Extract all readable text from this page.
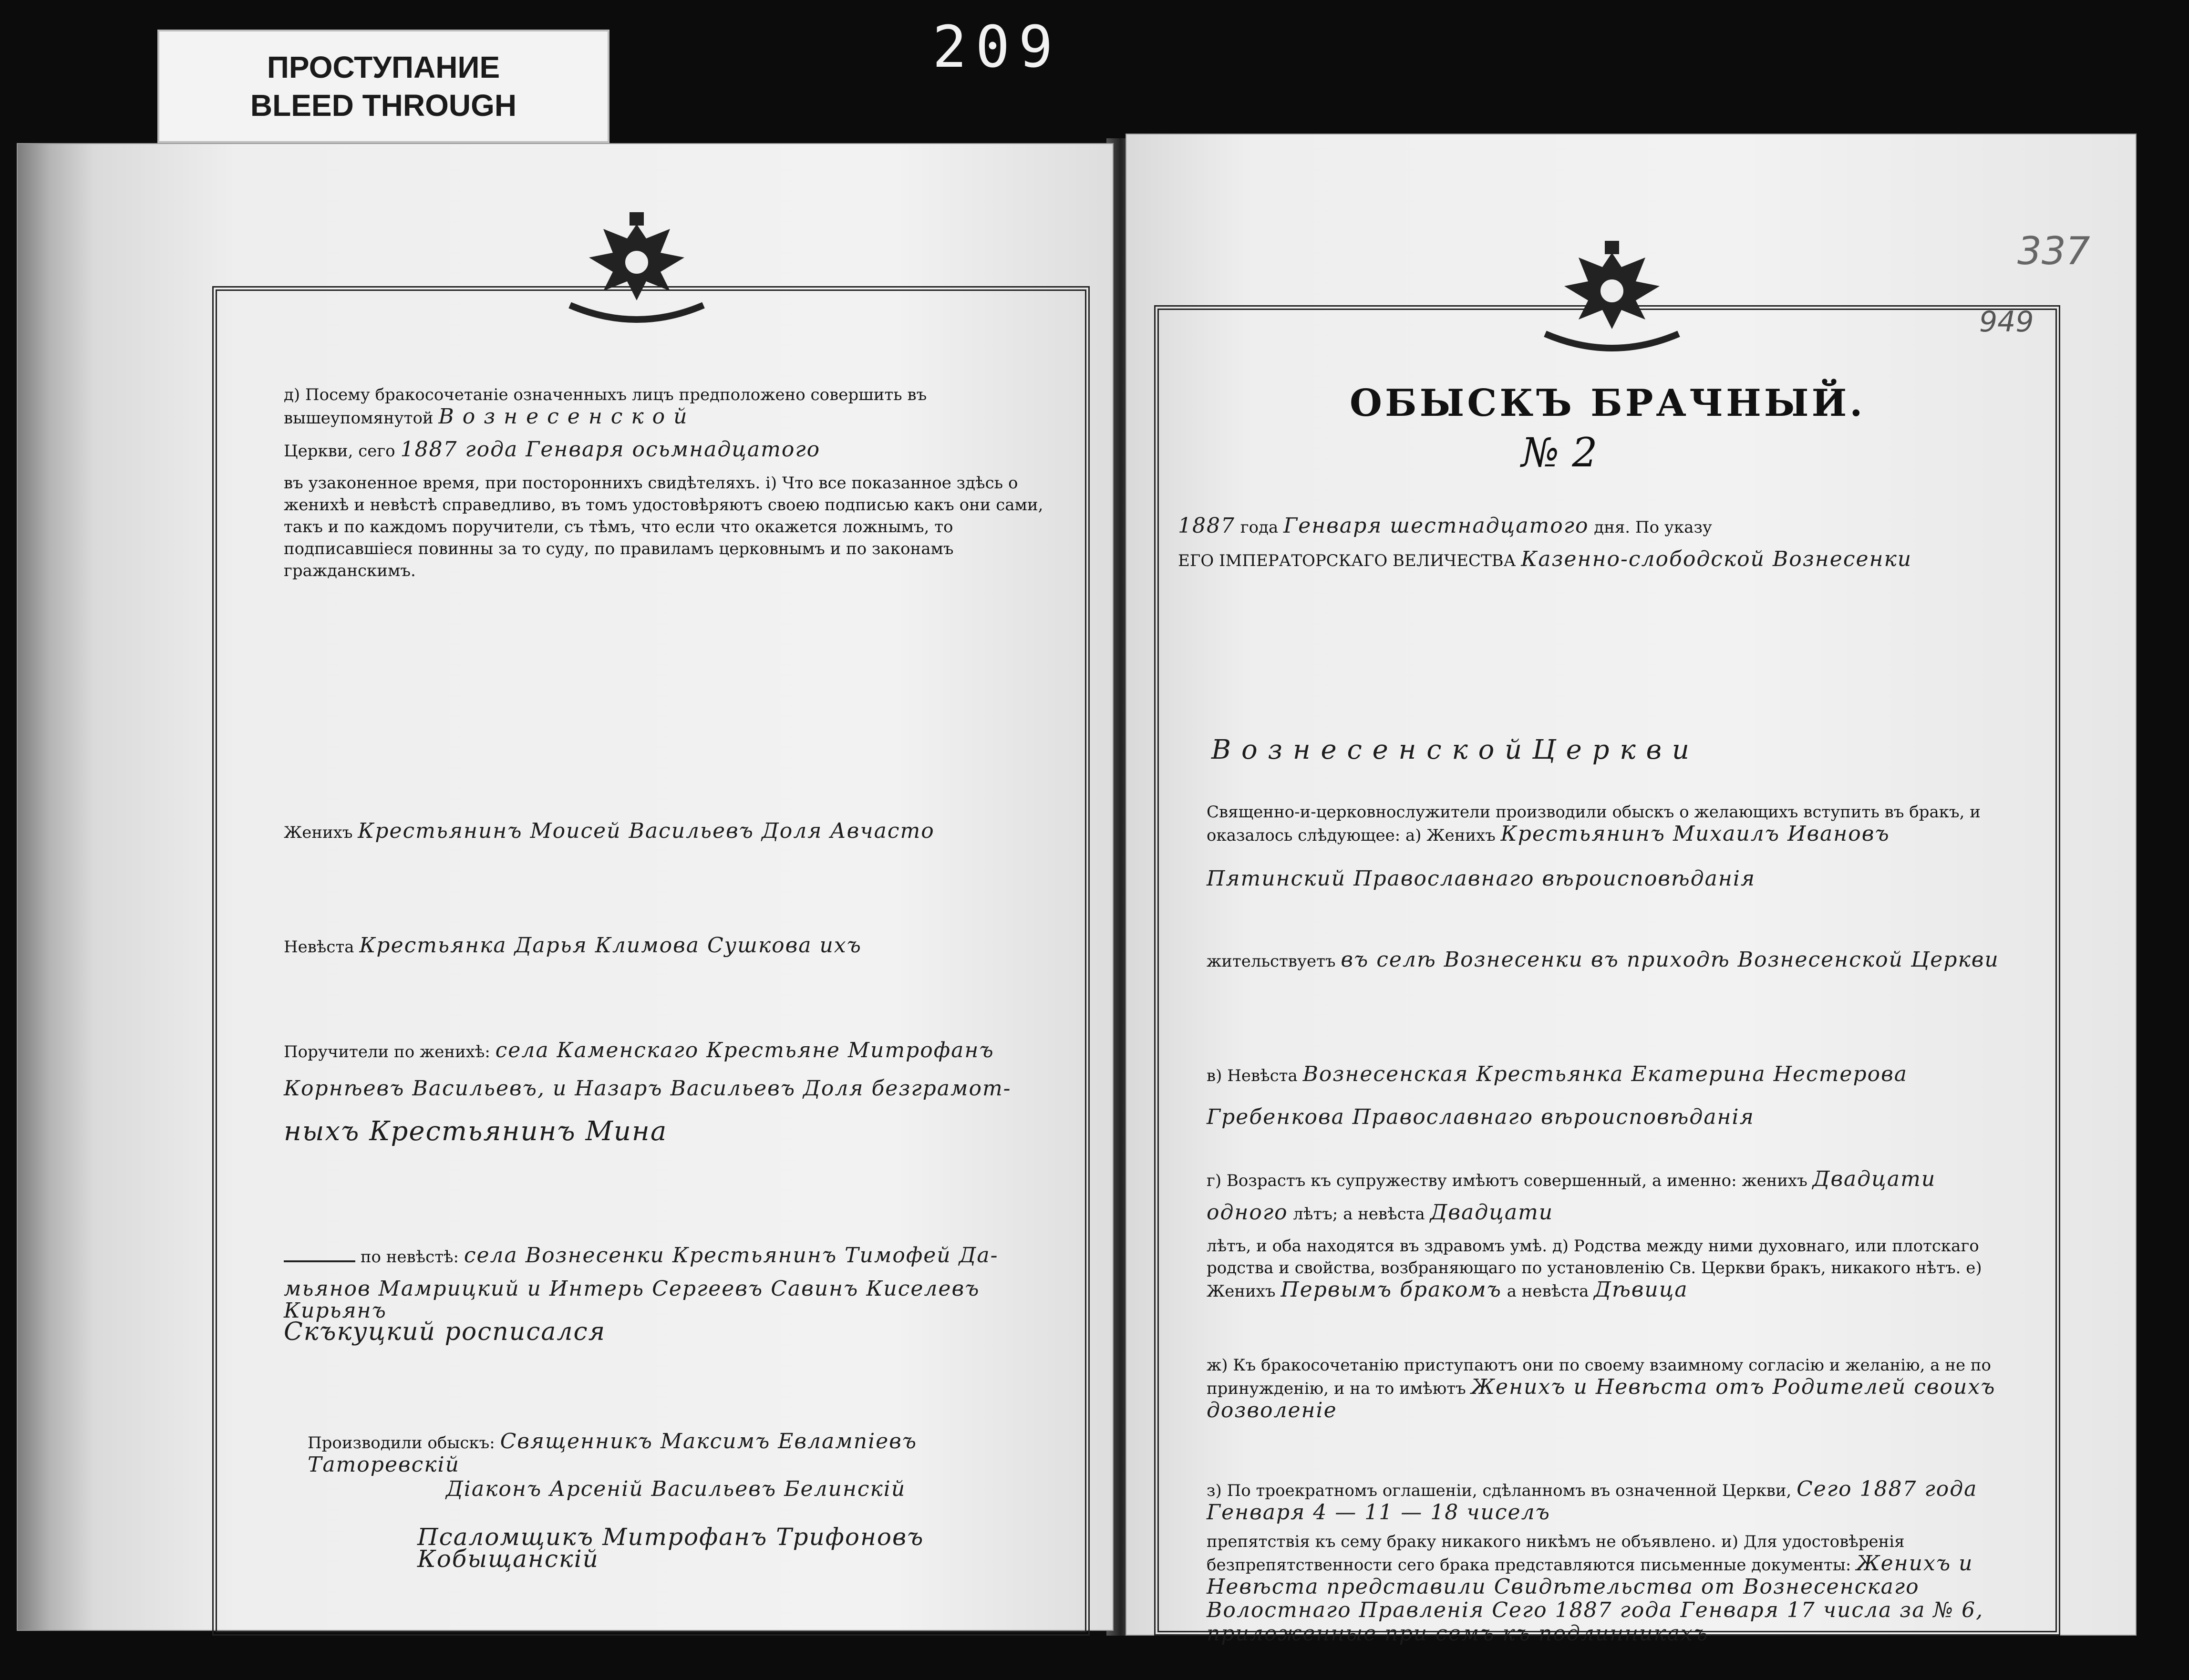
ПРОСТУПАНИЕ
BLEED THROUGH
209
д) Посему бракосочетаніе означенныхъ лицъ предположено совершить въ вышеупомянутой В о з н е с е н с к о й
Церкви, сего 1887 года Генваря осьмнадцатого
въ узаконенное время, при постороннихъ свидѣтеляхъ. і) Что все показанное здѣсь о женихѣ и невѣстѣ справедливо, въ томъ удостовѣряютъ своею подписью какъ они сами, такъ и по каждомъ поручители, съ тѣмъ, что если что окажется ложнымъ, то подписавшіеся повинны за то суду, по правиламъ церковнымъ и по законамъ гражданскимъ.
Женихъ Крестьянинъ Моисей Васильевъ Доля Авчасто
Невѣста Крестьянка Дарья Климова Сушкова ихъ
Поручители по женихѣ: села Каменскаго Крестьяне Митрофанъ
Корнѣевъ Васильевъ, и Назаръ Васильевъ Доля безграмот-
ныхъ Крестьянинъ Мина
по невѣстѣ: села Вознесенки Крестьянинъ Тимофей Да-
мьянов Мамрицкий и Интерь Сергеевъ Савинъ Киселевъ Кирьянъ
Скъкуцкий росписался
Производили обыскъ: Священникъ Максимъ Евлампiевъ Таторевскiй
Діаконъ Арсеній Васильевъ Белинскій
Псаломщикъ Митрофанъ Трифоновъ Кобыщанскiй
337
949
ОБЫСКЪ БРАЧНЫЙ.
№ 2
1887 года Генваря шестнадцатого дня. По указу
ЕГО ІМПЕРАТОРСКАГО ВЕЛИЧЕСТВА Казенно-слободской Вознесенки
В о з н е с е н с к о й Ц е р к в и
Священно-и-церковнослужители производили обыскъ о желающихъ вступить въ бракъ, и оказалось слѣдующее: а) Женихъ Крестьянинъ Михаилъ Ивановъ
Пятинский Православнаго вѣроисповѣданія
жительствуетъ въ селѣ Вознесенки въ приходѣ Вознесенской Церкви
в) Невѣста Вознесенская Крестьянка Екатерина Нестерова
Гребенкова Православнаго вѣроисповѣданія
г) Возрастъ къ супружеству имѣютъ совершенный, а именно: женихъ Двадцати
одного лѣтъ; а невѣста Двадцати
лѣтъ, и оба находятся въ здравомъ умѣ. д) Родства между ними духовнаго, или плотскаго родства и свойства, возбраняющаго по установленію Св. Церкви бракъ, никакого нѣтъ. е) Женихъ Первымъ бракомъ а невѣста Дѣвица
ж) Къ бракосочетанію приступаютъ они по своему взаимному согласію и желанію, а не по принужденію, и на то имѣютъ Женихъ и Невѣста отъ Родителей своихъ дозволеніе
з) По троекратномъ оглашеніи, сдѣланномъ въ означенной Церкви, Сего 1887 года Генваря 4 — 11 — 18 чиселъ
препятствія къ сему браку никакого никѣмъ не объявлено. и) Для удостовѣренія безпрепятственности сего брака представляются письменные документы: Женихъ и Невѣста представили Свидѣтельства от Вознесенскаго Волостнаго Правленія Сего 1887 года Генваря 17 числа за № 6, приложенные при семъ къ подлинникахъ
